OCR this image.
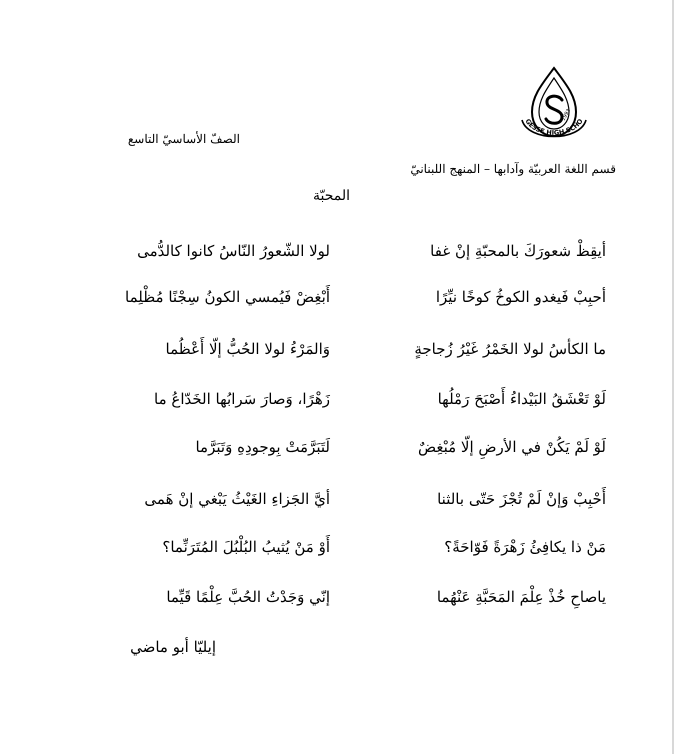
GESSE HIGH SCHO
1993
الصفّ الأساسيّ التاسع
قسم اللغة العربيّة وآدابها – المنهج اللبنانيّ
المحبّة
أيقِظْ شعورَكَ بالمحبّةِ إنْ غفا
لولا الشّعورُ النّاسُ كانوا كالدُّمى
أحبِبْ فَيغدو الكوخُ كوخًا نيِّرًا
أَبْغِضْ فَيُمسي الكونُ سِجْنًا مُظْلِما
ما الكأسُ لولا الخَمْرُ غَيْرُ زُجاجةٍ
وَالمَرْءُ لولا الحُبُّ إلّا أَعْظُما
لَوْ تَعْشَقُ البَيْداءُ أَصْبَحَ رَمْلُها
زَهْرًا، وَصارَ سَرابُها الخَدّاعُ ما
لَوْ لَمْ يَكُنْ في الأرضِ إلّا مُبْغِضٌ
لَتَبَرَّمَتْ بِوجودِهِ وَتَبَرَّما
أَحْبِبْ وَإنْ لَمْ تُجْزَ حَتّى بالثنا
أيَّ الجَزاءِ الغَيْثُ يَبْغي إنْ هَمى
مَنْ ذا يكافِئُ زَهْرَةً فَوّاحَةً؟
أَوْ مَنْ يُثيبُ البُلْبُلَ المُتَرَنِّما؟
ياصاحِ خُذْ عِلْمَ المَحَبَّةِ عَنْهُما
إنّي وَجَدْتُ الحُبَّ عِلْمًا قَيِّما
إيليّا أبو ماضي
